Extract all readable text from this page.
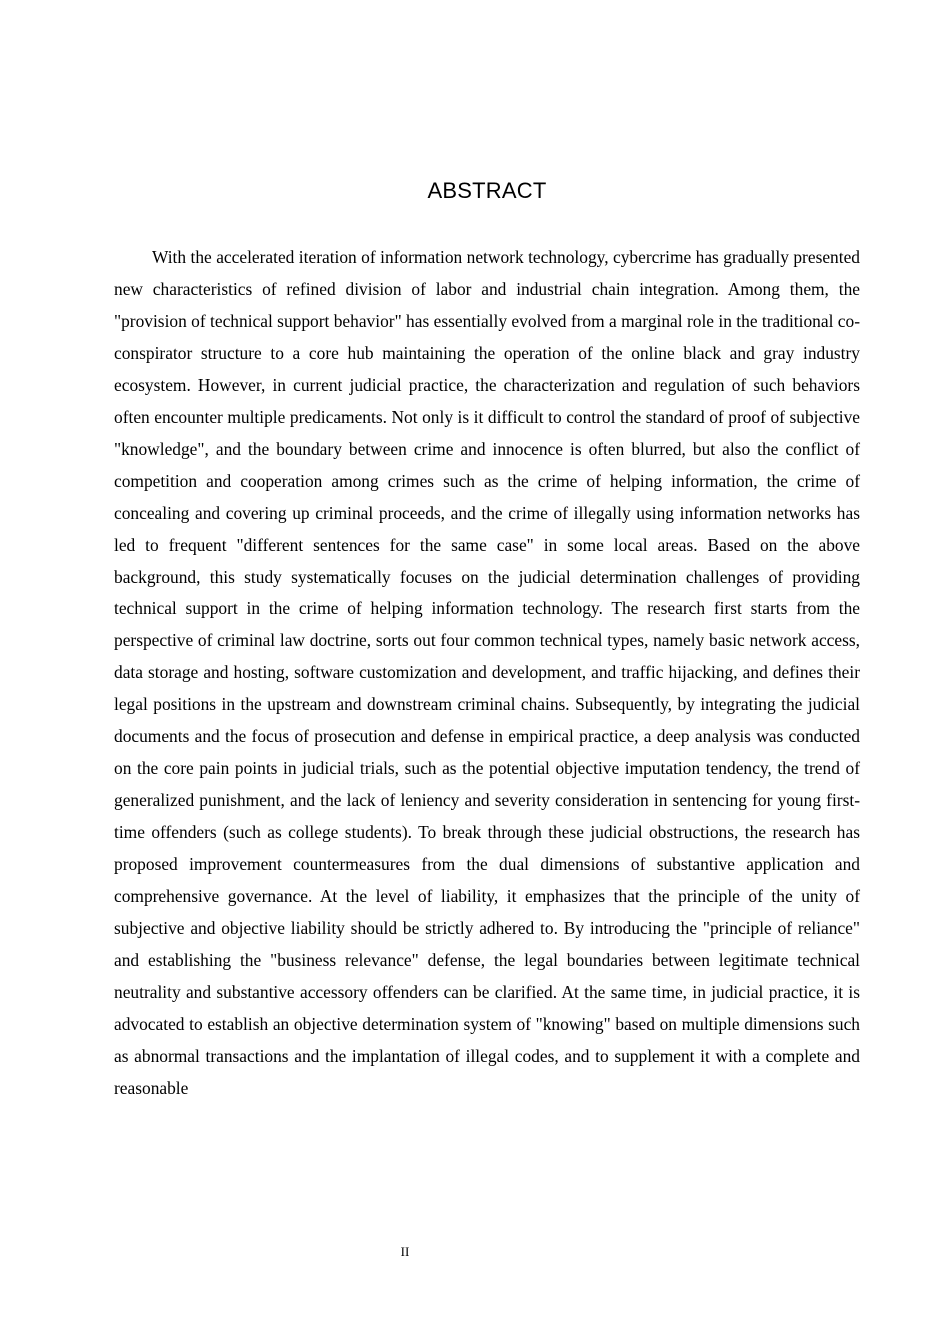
ABSTRACT

With the accelerated iteration of information network technology, cybercrime has gradually presented new characteristics of refined division of labor and industrial chain integration. Among them, the "provision of technical support behavior" has essentially evolved from a marginal role in the traditional co-conspirator structure to a core hub maintaining the operation of the online black and gray industry ecosystem. However, in current judicial practice, the characterization and regulation of such behaviors often encounter multiple predicaments. Not only is it difficult to control the standard of proof of subjective "knowledge", and the boundary between crime and innocence is often blurred, but also the conflict of competition and cooperation among crimes such as the crime of helping information, the crime of concealing and covering up criminal proceeds, and the crime of illegally using information networks has led to frequent "different sentences for the same case" in some local areas. Based on the above background, this study systematically focuses on the judicial determination challenges of providing technical support in the crime of helping information technology. The research first starts from the perspective of criminal law doctrine, sorts out four common technical types, namely basic network access, data storage and hosting, software customization and development, and traffic hijacking, and defines their legal positions in the upstream and downstream criminal chains. Subsequently, by integrating the judicial documents and the focus of prosecution and defense in empirical practice, a deep analysis was conducted on the core pain points in judicial trials, such as the potential objective imputation tendency, the trend of generalized punishment, and the lack of leniency and severity consideration in sentencing for young first-time offenders (such as college students). To break through these judicial obstructions, the research has proposed improvement countermeasures from the dual dimensions of substantive application and comprehensive governance. At the level of liability, it emphasizes that the principle of the unity of subjective and objective liability should be strictly adhered to. By introducing the "principle of reliance" and establishing the "business relevance" defense, the legal boundaries between legitimate technical neutrality and substantive accessory offenders can be clarified. At the same time, in judicial practice, it is advocated to establish an objective determination system of "knowing" based on multiple dimensions such as abnormal transactions and the implantation of illegal codes, and to supplement it with a complete and reasonable

II
